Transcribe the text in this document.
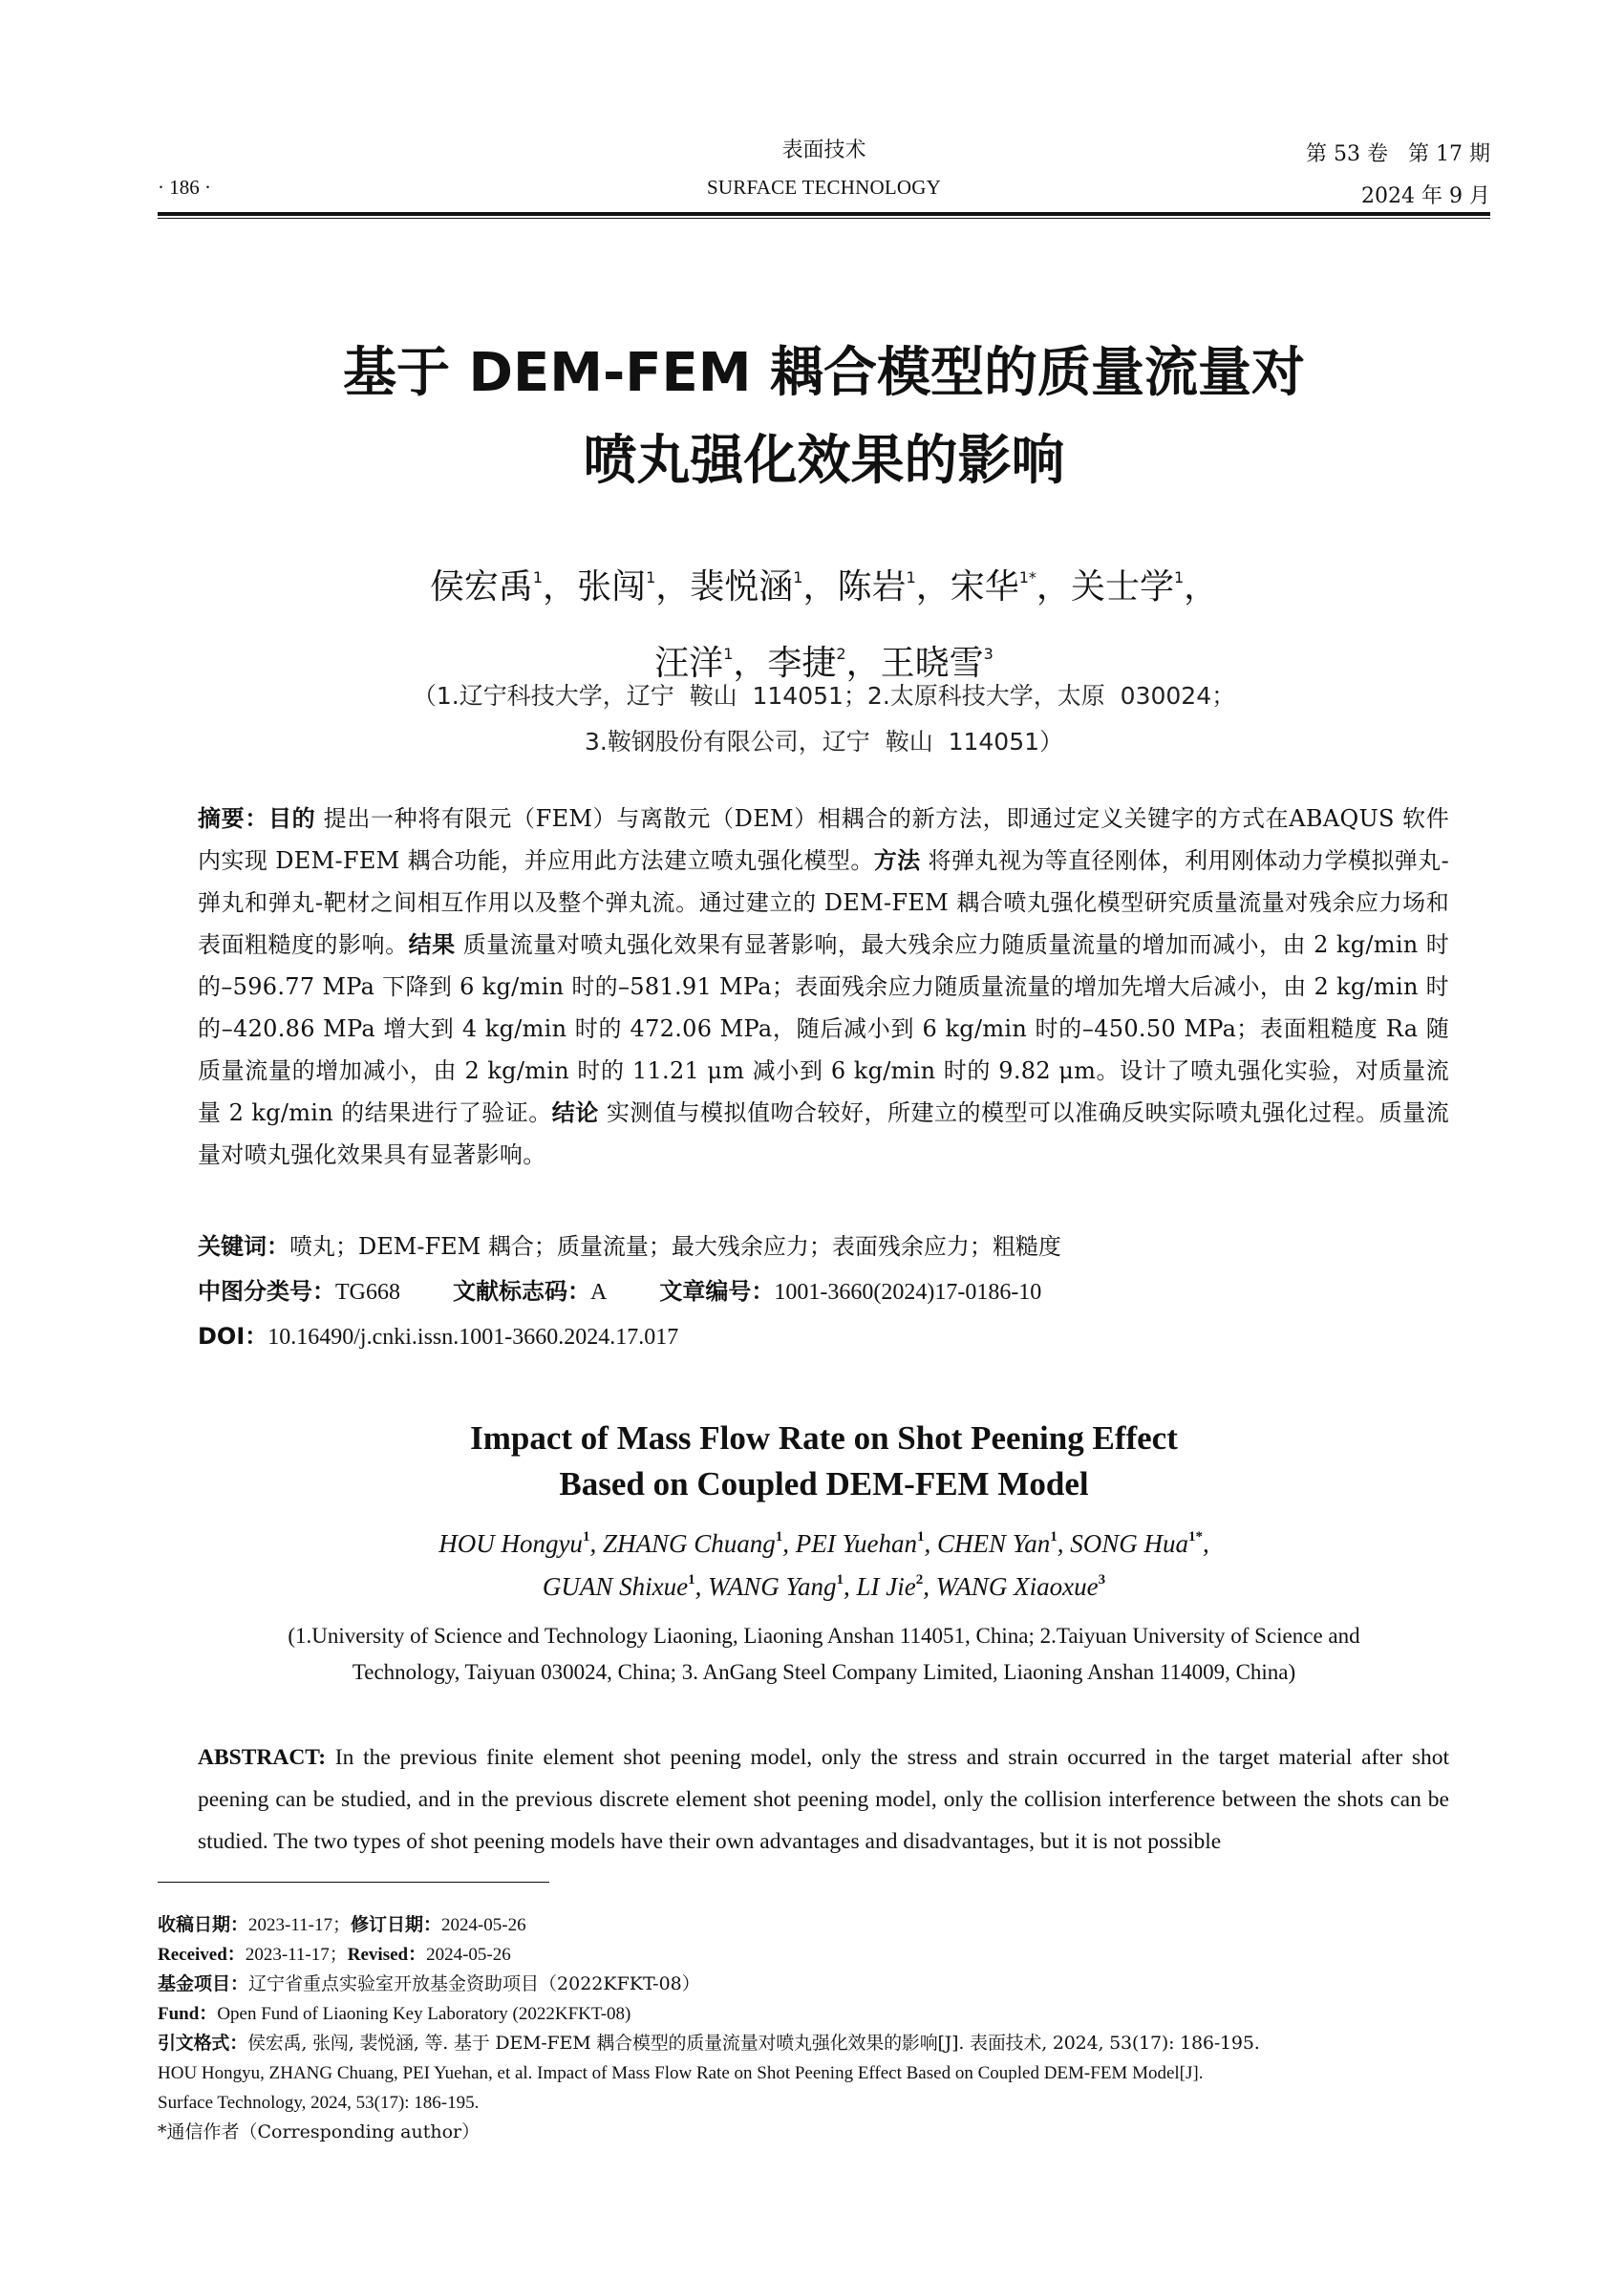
· 186 ·
表面技术
SURFACE TECHNOLOGY
第 53 卷   第 17 期
2024 年 9 月
基于 DEM-FEM 耦合模型的质量流量对
喷丸强化效果的影响
侯宏禹$^1$，张闯$^1$，裴悦涵$^1$，陈岩$^1$，宋华$^{1*}$，关士学$^1$，
汪洋$^1$，李捷$^2$，王晓雪$^3$
（1.辽宁科技大学，辽宁  鞍山  114051；2.太原科技大学，太原  030024；
3.鞍钢股份有限公司，辽宁  鞍山  114051）
摘要：目的 提出一种将有限元（FEM）与离散元（DEM）相耦合的新方法，即通过定义关键字的方式在ABAQUS 软件内实现 DEM-FEM 耦合功能，并应用此方法建立喷丸强化模型。方法 将弹丸视为等直径刚体，利用刚体动力学模拟弹丸-弹丸和弹丸-靶材之间相互作用以及整个弹丸流。通过建立的 DEM-FEM 耦合喷丸强化模型研究质量流量对残余应力场和表面粗糙度的影响。结果 质量流量对喷丸强化效果有显著影响，最大残余应力随质量流量的增加而减小，由 2 kg/min 时的–596.77 MPa 下降到 6 kg/min 时的–581.91 MPa；表面残余应力随质量流量的增加先增大后减小，由 2 kg/min 时的–420.86 MPa 增大到 4 kg/min 时的 472.06 MPa，随后减小到 6 kg/min 时的–450.50 MPa；表面粗糙度 Ra 随质量流量的增加减小，由 2 kg/min 时的 11.21 μm 减小到 6 kg/min 时的 9.82 μm。设计了喷丸强化实验，对质量流量 2 kg/min 的结果进行了验证。结论 实测值与模拟值吻合较好，所建立的模型可以准确反映实际喷丸强化过程。质量流量对喷丸强化效果具有显著影响。
关键词：喷丸；DEM-FEM 耦合；质量流量；最大残余应力；表面残余应力；粗糙度
中图分类号：TG668 文献标志码：A 文章编号：1001-3660(2024)17-0186-10
DOI：10.16490/j.cnki.issn.1001-3660.2024.17.017
Impact of Mass Flow Rate on Shot Peening Effect
Based on Coupled DEM-FEM Model
HOU Hongyu$^1$, ZHANG Chuang$^1$, PEI Yuehan$^1$, CHEN Yan$^1$, SONG Hua$^{1*}$,
GUAN Shixue$^1$, WANG Yang$^1$, LI Jie$^2$, WANG Xiaoxue$^3$
(1.University of Science and Technology Liaoning, Liaoning Anshan 114051, China; 2.Taiyuan University of Science and
Technology, Taiyuan 030024, China; 3. AnGang Steel Company Limited, Liaoning Anshan 114009, China)
ABSTRACT: In the previous finite element shot peening model, only the stress and strain occurred in the target material after shot peening can be studied, and in the previous discrete element shot peening model, only the collision interference between the shots can be studied. The two types of shot peening models have their own advantages and disadvantages, but it is not possible
收稿日期：2023-11-17；修订日期：2024-05-26
Received：2023-11-17；Revised：2024-05-26
基金项目：辽宁省重点实验室开放基金资助项目（2022KFKT-08）
Fund：Open Fund of Liaoning Key Laboratory (2022KFKT-08)
引文格式：侯宏禹, 张闯, 裴悦涵, 等. 基于 DEM-FEM 耦合模型的质量流量对喷丸强化效果的影响[J]. 表面技术, 2024, 53(17): 186-195.
HOU Hongyu, ZHANG Chuang, PEI Yuehan, et al. Impact of Mass Flow Rate on Shot Peening Effect Based on Coupled DEM-FEM Model[J].
Surface Technology, 2024, 53(17): 186-195.
*通信作者（Corresponding author）
